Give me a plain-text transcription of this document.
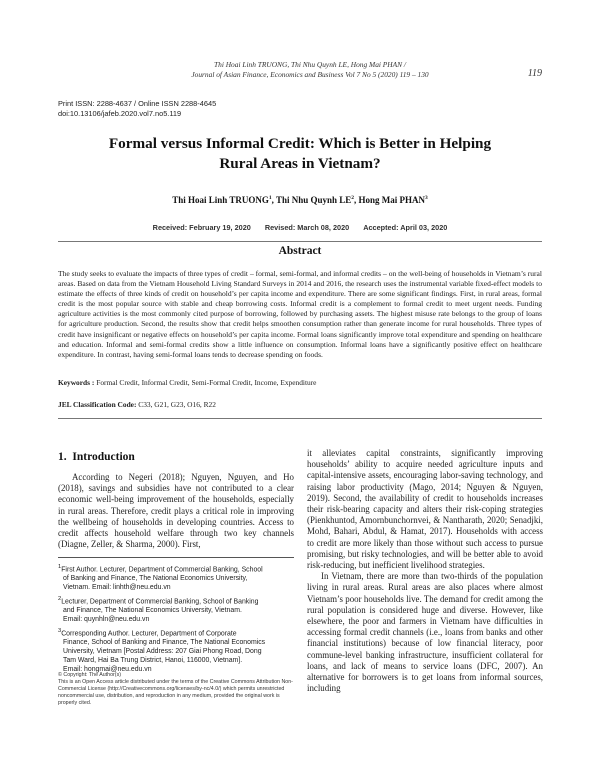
Thi Hoai Linh TRUONG, Thi Nhu Quynh LE, Hong Mai PHAN /
Journal of Asian Finance, Economics and Business Vol 7 No 5 (2020) 119 – 130	119
Print ISSN: 2288-4637 / Online ISSN 2288-4645
doi:10.13106/jafeb.2020.vol7.no5.119
Formal versus Informal Credit: Which is Better in Helping
Rural Areas in Vietnam?
Thi Hoai Linh TRUONG$^1$, Thi Nhu Quynh $LE^2$, Hong Mai PHAN$^3$
Received: February 19, 2020 Revised: March 08, 2020 Accepted: April 03, 2020
Abstract
The study seeks to evaluate the impacts of three types of credit – formal, semi-formal, and informal credits – on the well-being of households in Vietnam’s rural areas. Based on data from the Vietnam Household Living Standard Surveys in 2014 and 2016, the research uses the instrumental variable fixed-effect models to estimate the effects of three kinds of credit on household’s per capita income and expenditure. There are some significant findings. First, in rural areas, formal credit is the most popular source with stable and cheap borrowing costs. Informal credit is a complement to formal credit to meet urgent needs. Funding agriculture activities is the most commonly cited purpose of borrowing, followed by purchasing assets. The highest misuse rate belongs to the group of loans for agriculture production. Second, the results show that credit helps smoothen consumption rather than generate income for rural households. Three types of credit have insignificant or negative effects on household’s per capita income. Formal loans significantly improve total expenditure and spending on healthcare and education. Informal and semi-formal credits show a little influence on consumption. Informal loans have a significantly positive effect on healthcare expenditure. In contrast, having semi-formal loans tends to decrease spending on foods.
Keywords : Formal Credit, Informal Credit, Semi-Formal Credit, Income, Expenditure
JEL Classification Code: C33, G21, G23, O16, R22
1. Introduction
According to Negeri (2018); Nguyen, Nguyen, and Ho (2018), savings and subsidies have not contributed to a clear economic well-being improvement of the households, especially in rural areas. Therefore, credit plays a critical role in improving the wellbeing of households in developing countries. Access to credit affects household welfare through two key channels (Diagne, Zeller, & Sharma, 2000). First,

$^1$First Author. Lecturer, Department of Commercial Banking, School
of Banking and Finance, The National Economics University,
Vietnam. Email: linhth@neu.edu.vn

$^2$Lecturer, Department of Commercial Banking, School of Banking
and Finance, The National Economics University, Vietnam.
Email: quynhln@neu.edu.vn

$^3$Corresponding Author. Lecturer, Department of Corporate
Finance, School of Banking and Finance, The National Economics
University, Vietnam [Postal Address: 207 Giai Phong Road, Dong
Tam Ward, Hai Ba Trung District, Hanoi, 116000, Vietnam].
Email: hongmai@neu.edu.vn

© Copyright: The Author(s)
This is an Open Access article distributed under the terms of the Creative Commons Attribution Non-Commercial License (http://Creativecommons.org/licenses/by-nc/4.0/) which permits unrestricted noncommercial use, distribution, and reproduction in any medium, provided the original work is properly cited.

it alleviates capital constraints, significantly improving households’ ability to acquire needed agriculture inputs and capital-intensive assets, encouraging labor-saving technology, and raising labor productivity (Mago, 2014; Nguyen & Nguyen, 2019). Second, the availability of credit to households increases their risk-bearing capacity and alters their risk-coping strategies (Pienkhuntod, Amornbunchornvei, & Nantharath, 2020; Senadjki, Mohd, Bahari, Abdul, & Hamat, 2017). Households with access to credit are more likely than those without such access to pursue promising, but risky technologies, and will be better able to avoid risk-reducing, but inefficient livelihood strategies.

In Vietnam, there are more than two-thirds of the population living in rural areas. Rural areas are also places where almost Vietnam’s poor households live. The demand for credit among the rural population is considered huge and diverse. However, like elsewhere, the poor and farmers in Vietnam have difficulties in accessing formal credit channels (i.e., loans from banks and other financial institutions) because of low financial literacy, poor commune-level banking infrastructure, insufficient collateral for loans, and lack of means to service loans (DFC, 2007). An alternative for borrowers is to get loans from informal sources, including
